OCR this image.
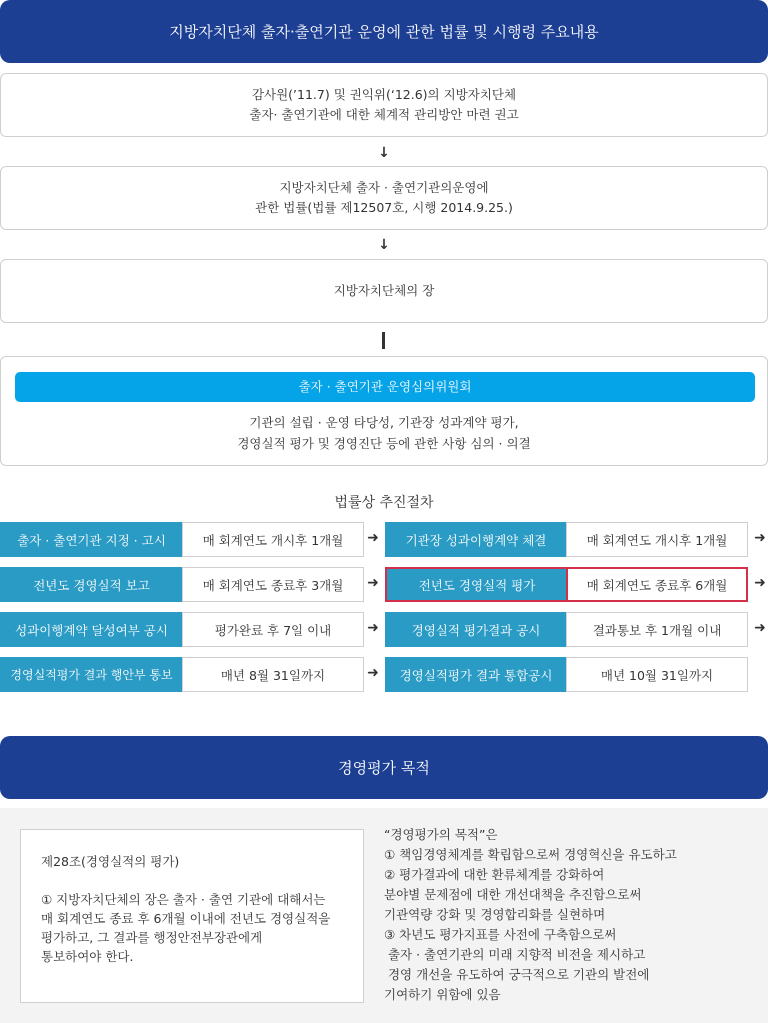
지방자치단체 출자·출연기관 운영에 관한 법률 및 시행령 주요내용
감사원(’11.7) 및 권익위(‘12.6)의 지방자치단체
출자· 출연기관에 대한 체계적 관리방안 마련 권고
↓
지방자치단체 출자 · 출연기관의운영에
관한 법률(법률 제12507호, 시행 2014.9.25.)
↓
지방자치단체의 장
출자 · 출연기관 운영심의위원회
기관의 설립 · 운영 타당성, 기관장 성과계약 평가,
경영실적 평가 및 경영진단 등에 관한 사항 심의 · 의결
법률상 추진절차
출자 · 출연기관 지정 · 고시	매 회계연도 개시후 1개월	➜	기관장 성과이행계약 체결	매 회계연도 개시후 1개월	➜
전년도 경영실적 보고	매 회계연도 종료후 3개월	➜	전년도 경영실적 평가	매 회계연도 종료후 6개월	➜
성과이행계약 달성여부 공시	평가완료 후 7일 이내	➜	경영실적 평가결과 공시	결과통보 후 1개월 이내	➜
경영실적평가 결과 행안부 통보	매년 8월 31일까지	➜	경영실적평가 결과 통합공시	매년 10월 31일까지
경영평가 목적

제28조(경영실적의 평가)

① 지방자치단체의 장은 출자 · 출연 기관에 대해서는
매 회계연도 종료 후 6개월 이내에 전년도 경영실적을
평가하고, 그 결과를 행정안전부장관에게
통보하여야 한다.

“경영평가의 목적”은
① 책임경영체계를 확립함으로써 경영혁신을 유도하고
② 평가결과에 대한 환류체계를 강화하여
분야별 문제점에 대한 개선대책을 추진함으로써
기관역량 강화 및 경영합리화를 실현하며
③ 차년도 평가지표를 사전에 구축함으로써
출자 · 출연기관의 미래 지향적 비전을 제시하고
경영 개선을 유도하여 궁극적으로 기관의 발전에
기여하기 위함에 있음
